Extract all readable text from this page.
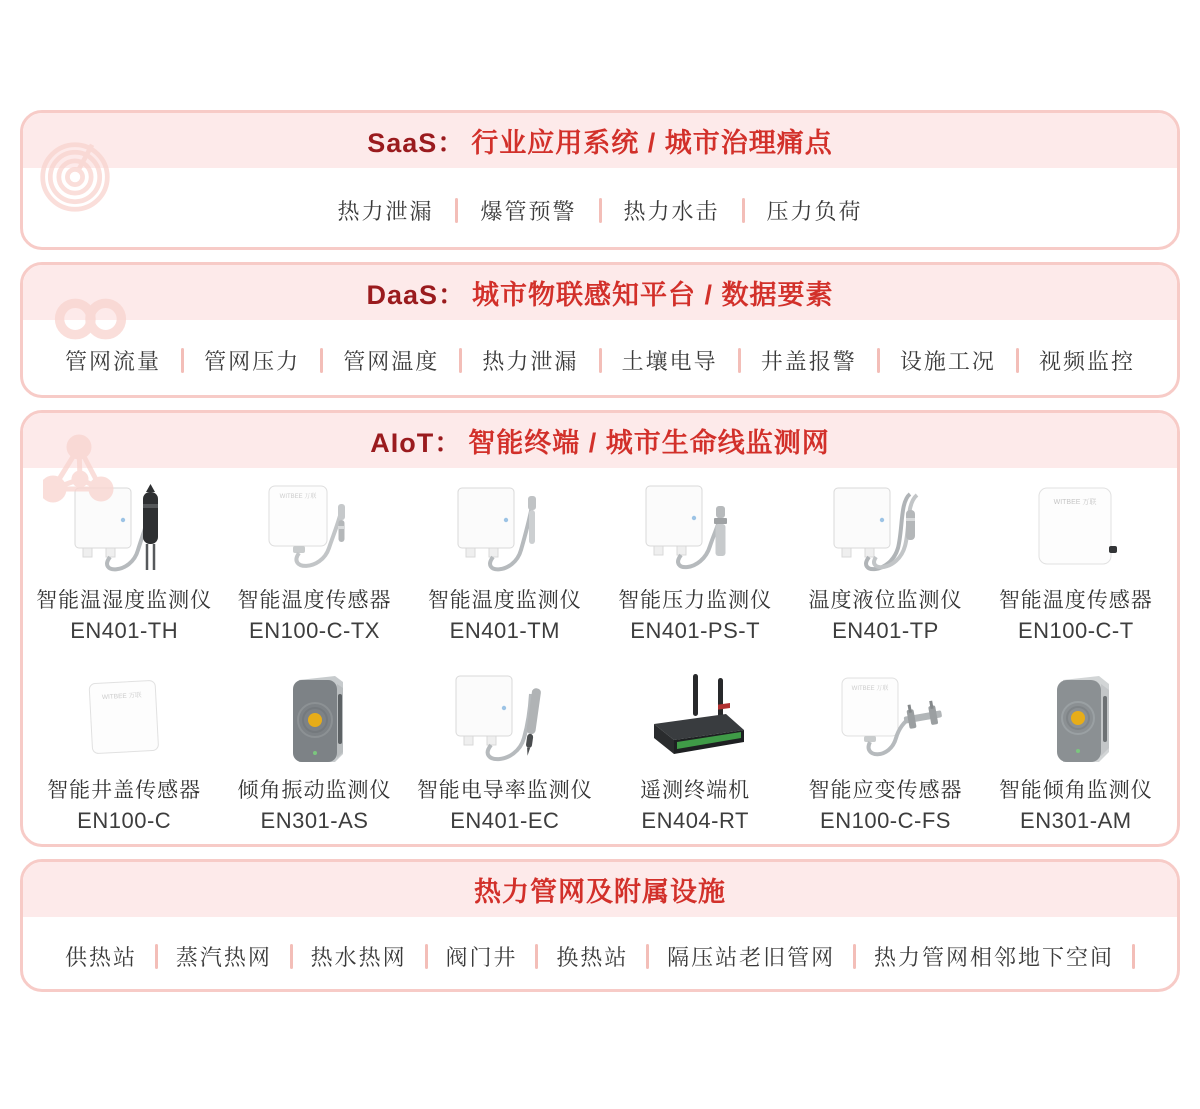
SaaS： 行业应用系统 / 城市治理痛点
热力泄漏 爆管预警 热力水击 压力负荷
DaaS： 城市物联感知平台 / 数据要素
管网流量 管网压力 管网温度 热力泄漏 土壤电导 井盖报警 设施工况 视频监控
AIoT： 智能终端 / 城市生命线监测网
智能温湿度监测仪
EN401-TH
WITBEE 万联
智能温度传感器
EN100-C-TX
智能温度监测仪
EN401-TM
智能压力监测仪
EN401-PS-T
温度液位监测仪
EN401-TP
WITBEE 万联
智能温度传感器
EN100-C-T
WITBEE 万联
智能井盖传感器
EN100-C
倾角振动监测仪
EN301-AS
智能电导率监测仪
EN401-EC
遥测终端机
EN404-RT
WITBEE 万联
智能应变传感器
EN100-C-FS
智能倾角监测仪
EN301-AM
热力管网及附属设施
供热站 蒸汽热网 热水热网 阀门井 换热站 隔压站老旧管网 热力管网相邻地下空间
